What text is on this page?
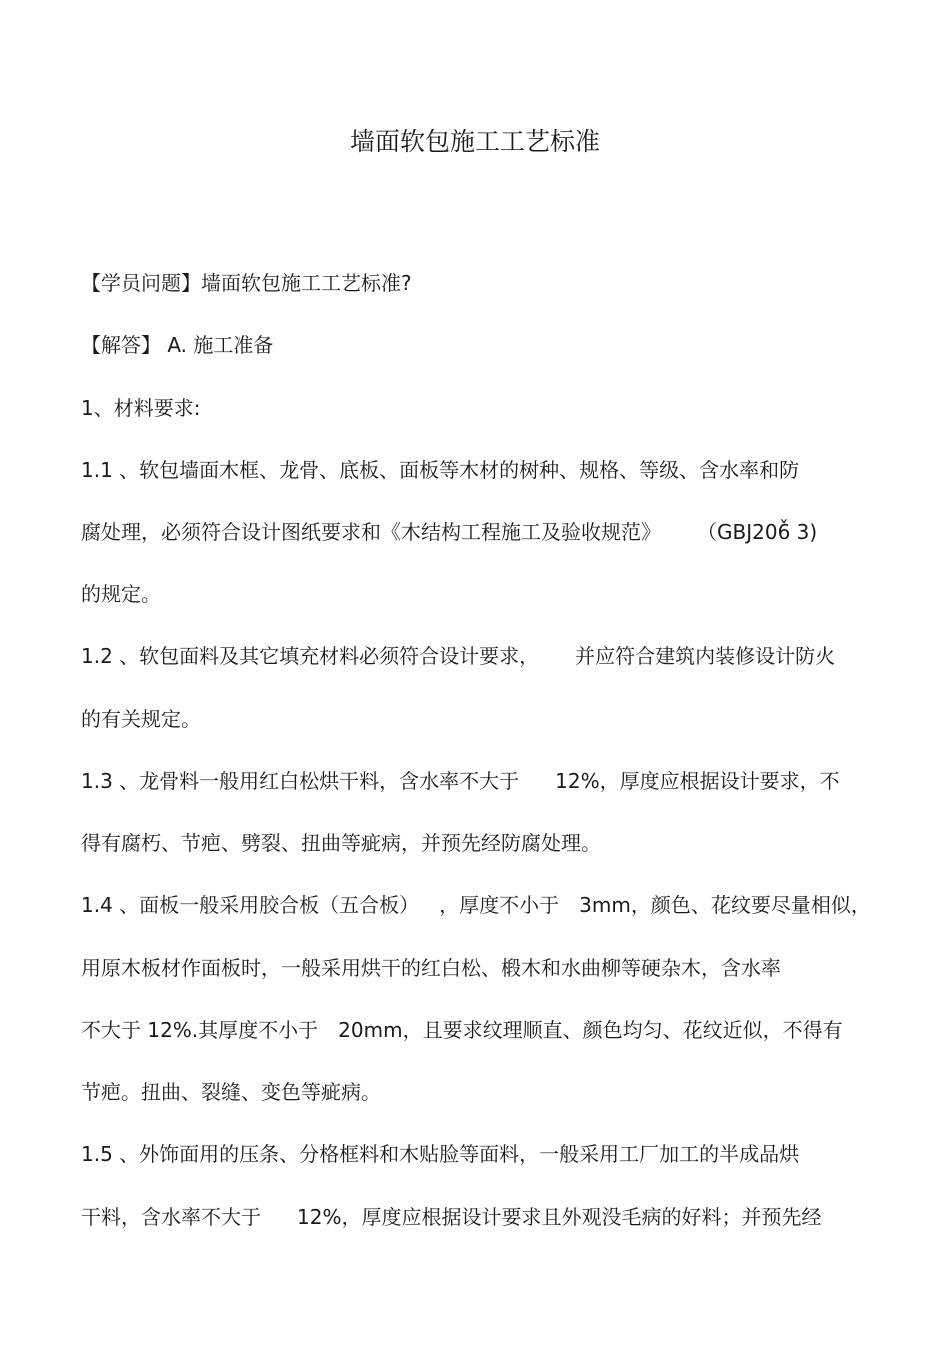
墙面软包施工工艺标准
【学员问题】墙面软包施工工艺标准?
【解答】 A. 施工准备
1、材料要求:
1.1 、软包墙面木框、龙骨、底板、面板等木材的树种、规格、等级、含水率和防
腐处理，必须符合设计图纸要求和《木结构工程施工及验收规范》 （GBJ206̌ 3)
的规定。
1.2 、软包面料及其它填充材料必须符合设计要求， 并应符合建筑内装修设计防火
的有关规定。
1.3 、龙骨料一般用红白松烘干料，含水率不大于 12%，厚度应根据设计要求，不
得有腐朽、节疤、劈裂、扭曲等疵病，并预先经防腐处理。
1.4 、面板一般采用胶合板（五合板） ，厚度不小于 3mm，颜色、花纹要尽量相似，
用原木板材作面板时，一般采用烘干的红白松、椴木和水曲柳等硬杂木，含水率
不大于 12%.其厚度不小于 20mm，且要求纹理顺直、颜色均匀、花纹近似，不得有
节疤。扭曲、裂缝、变色等疵病。
1.5 、外饰面用的压条、分格框料和木贴脸等面料，一般采用工厂加工的半成品烘
干料，含水率不大于 12%，厚度应根据设计要求且外观没毛病的好料；并预先经
